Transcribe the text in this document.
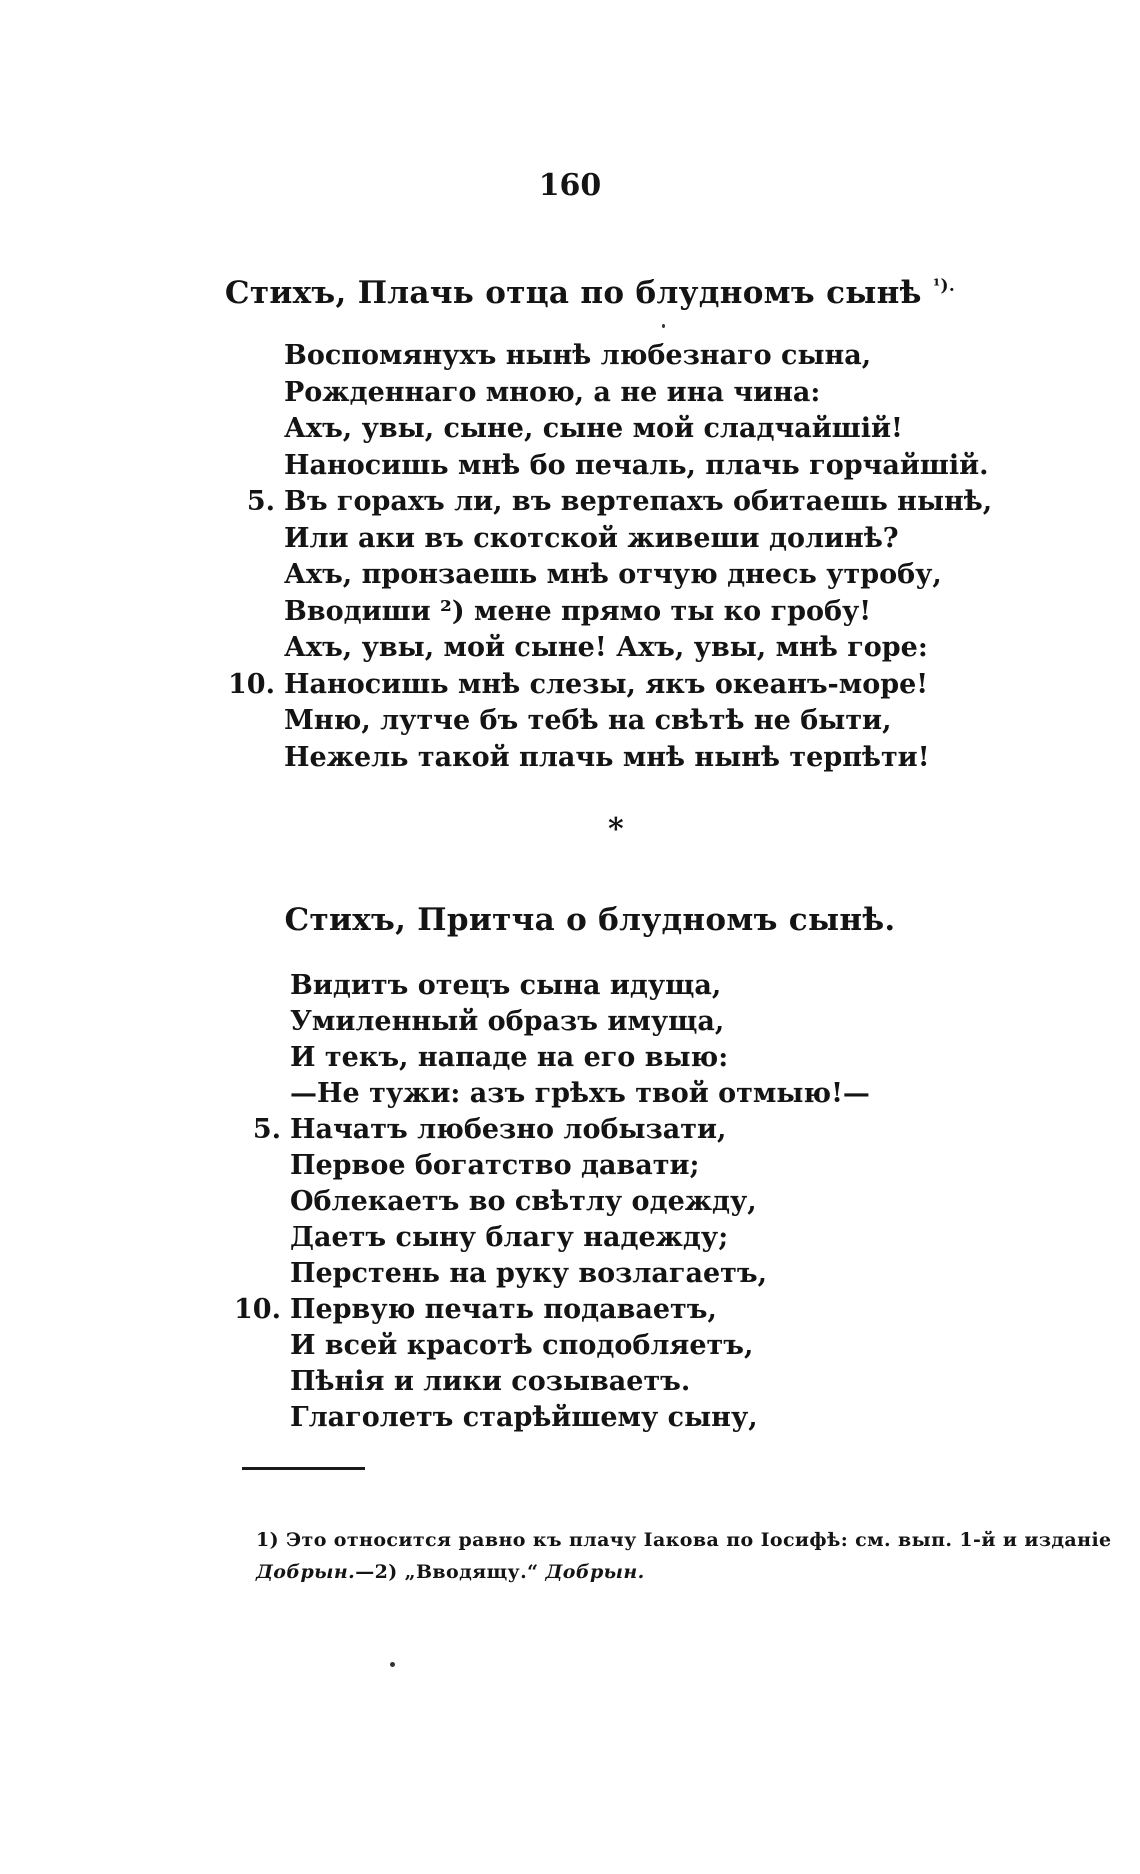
160
Стихъ, Плачь отца по блудномъ сынѣ $^{^1).}$
Воспомянухъ нынѣ любезнаго сына,
Рожденнаго мною, а не ина чина:
Ахъ, увы, сыне, сыне мой сладчайшій!
Наносишь мнѣ бо печаль, плачь горчайшій.
5. Въ горахъ ли, въ вертепахъ обитаешь нынѣ,
Или аки въ скотской живеши долинѣ?
Ахъ, пронзаешь мнѣ отчую днесь утробу,
Вводиши ²) мене прямо ты ко гробу!
Ахъ, увы, мой сыне! Ахъ, увы, мнѣ горе:
10. Наносишь мнѣ слезы, якъ океанъ-море!
Мню, лутче бъ тебѣ на свѣтѣ не быти,
Нежель такой плачь мнѣ нынѣ терпѣти!
*
Стихъ, Притча о блудномъ сынѣ.
Видитъ отецъ сына идуща,
Умиленный образъ имуща,
И текъ, нападе на его выю:
—Не тужи: азъ грѣхъ твой отмыю!—
5. Начатъ любезно лобызати,
Первое богатство давати;
Облекаетъ во свѣтлу одежду,
Даетъ сыну благу надежду;
Перстень на руку возлагаетъ,
10. Первую печать подаваетъ,
И всей красотѣ сподобляетъ,
Пѣнія и лики созываетъ.
Глаголетъ старѣйшему сыну,
1) Это относится равно къ плачу Іакова по Іосифѣ: см. вып. 1-й и изданіе
Добрын.—2) „Вводящу.“ Добрын.
